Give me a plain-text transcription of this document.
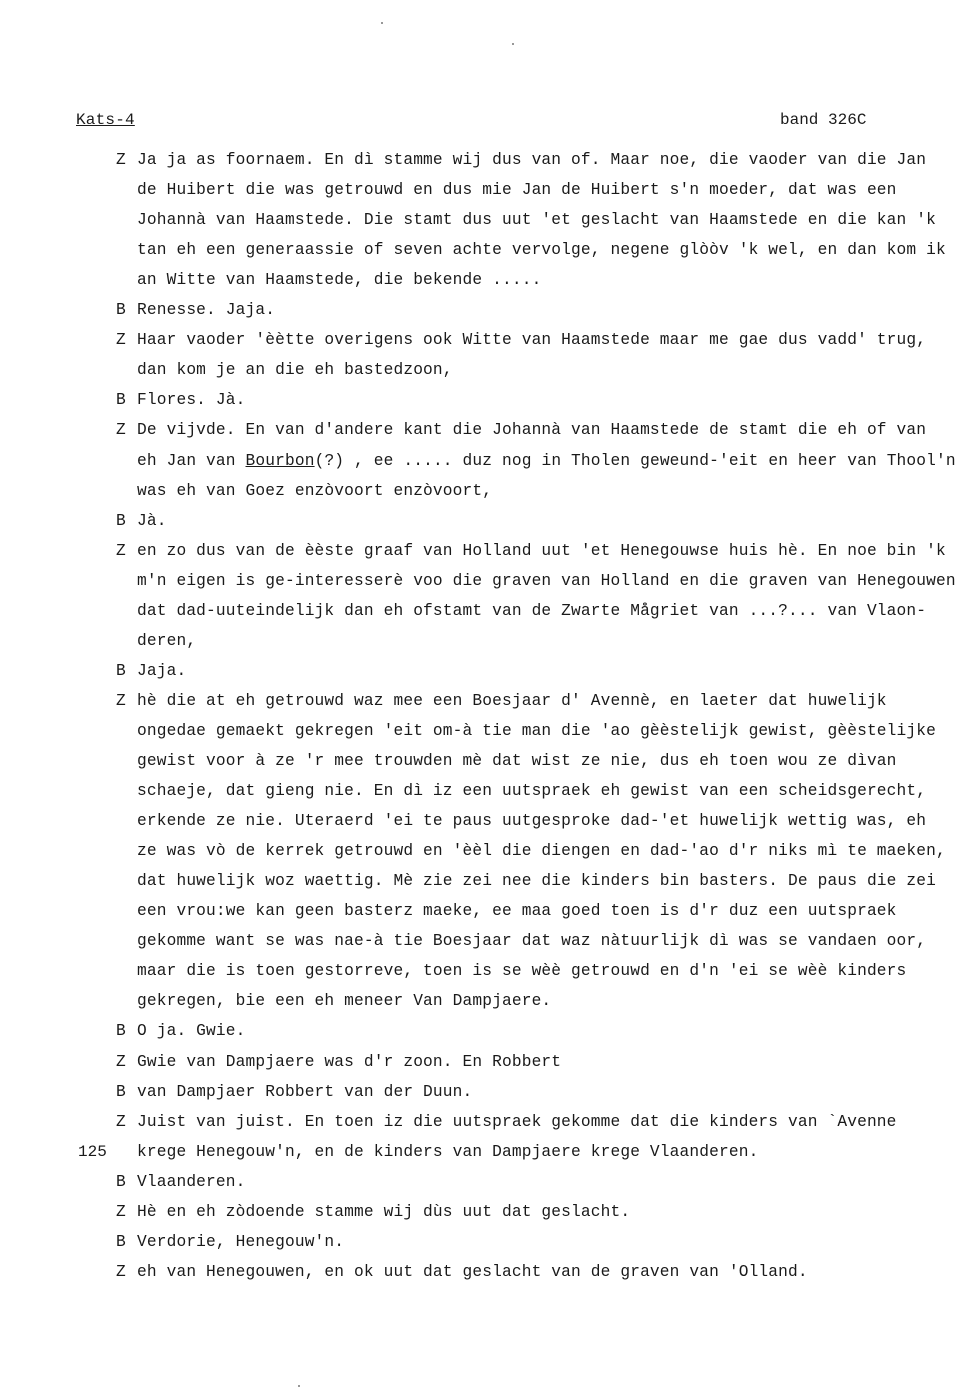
Kats-4	band 326C
Z Ja ja as foornaem. En dì stamme wij dus van of. Maar noe, die vaoder van die Jan
de Huibert die was getrouwd en dus mie Jan de Huibert s'n moeder, dat was een
Johannà van Haamstede. Die stamt dus uut 'et geslacht van Haamstede en die kan 'k
tan eh een generaassie of seven achte vervolge, negene glòòv 'k wel, en dan kom ik
an Witte van Haamstede, die bekende .....
B Renesse. Jaja.
Z Haar vaoder 'èètte overigens ook Witte van Haamstede maar me gae dus vadd' trug,
dan kom je an die eh bastedzoon,
B Flores. Jà.
Z De vijvde. En van d'andere kant die Johannà van Haamstede de stamt die eh of van
eh Jan van Bourbon(?) , ee ..... duz nog in Tholen geweund-'eit en heer van Thool'n
was eh van Goez enzòvoort enzòvoort,
B Jà.
Z en zo dus van de èèste graaf van Holland uut 'et Henegouwse huis hè. En noe bin 'k
m'n eigen is ge-interesserè voo die graven van Holland en die graven van Henegouwen
dat dad-uuteindelijk dan eh ofstamt van de Zwarte Mågriet van ...?... van Vlaon-
deren,
B Jaja.
Z hè die at eh getrouwd waz mee een Boesjaar d' Avennè, en laeter dat huwelijk
ongedae gemaekt gekregen 'eit om-à tie man die 'ao gèèstelijk gewist, gèèstelijke
gewist voor à ze 'r mee trouwden mè dat wist ze nie, dus eh toen wou ze dìvan
schaeje, dat gieng nie. En dì iz een uutspraek eh gewist van een scheidsgerecht,
erkende ze nie. Uteraerd 'ei te paus uutgesproke dad-'et huwelijk wettig was, eh
ze was vò de kerrek getrouwd en 'èèl die diengen en dad-'ao d'r niks mì te maeken,
dat huwelijk woz waettig. Mè zie zei nee die kinders bin basters. De paus die zei
een vrou:we kan geen basterz maeke, ee maa goed toen is d'r duz een uutspraek
gekomme want se was nae-à tie Boesjaar dat waz nàtuurlijk dì was se vandaen oor,
maar die is toen gestorreve, toen is se wèè getrouwd en d'n 'ei se wèè kinders
gekregen, bie een eh meneer Van Dampjaere.
B O ja. Gwie.
Z Gwie van Dampjaere was d'r zoon. En Robbert
B van Dampjaer Robbert van der Duun.
Z Juist van juist. En toen iz die uutspraek gekomme dat die kinders van `Avenne
krege Henegouw'n, en de kinders van Dampjaere krege Vlaanderen.
B Vlaanderen.
Z Hè en eh zòdoende stamme wij dùs uut dat geslacht.
B Verdorie, Henegouw'n.
Z eh van Henegouwen, en ok uut dat geslacht van de graven van 'Olland.
125
